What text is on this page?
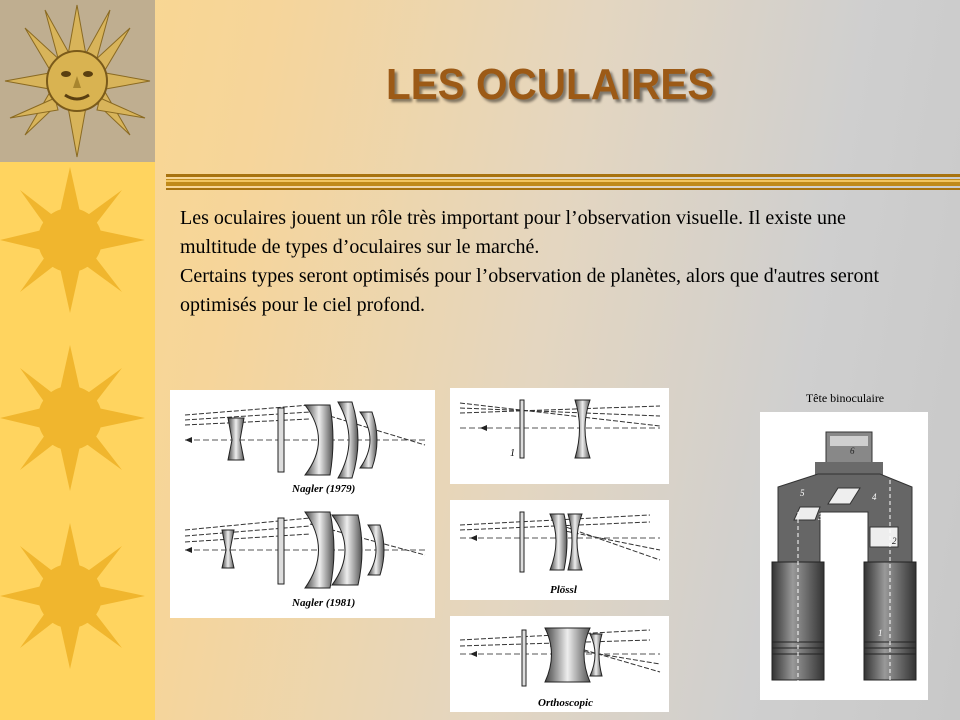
LES OCULAIRES

Les oculaires jouent un rôle très important pour l’observation visuelle. Il existe une multitude de types d’oculaires sur le marché.

Certains types seront optimisés pour l’observation de planètes, alors que d'autres seront optimisés pour le ciel profond.

Nagler (1979)
Nagler (1981)
1
Plössl
Orthoscopic
Tête binoculaire
6
5	4
3
2
1
